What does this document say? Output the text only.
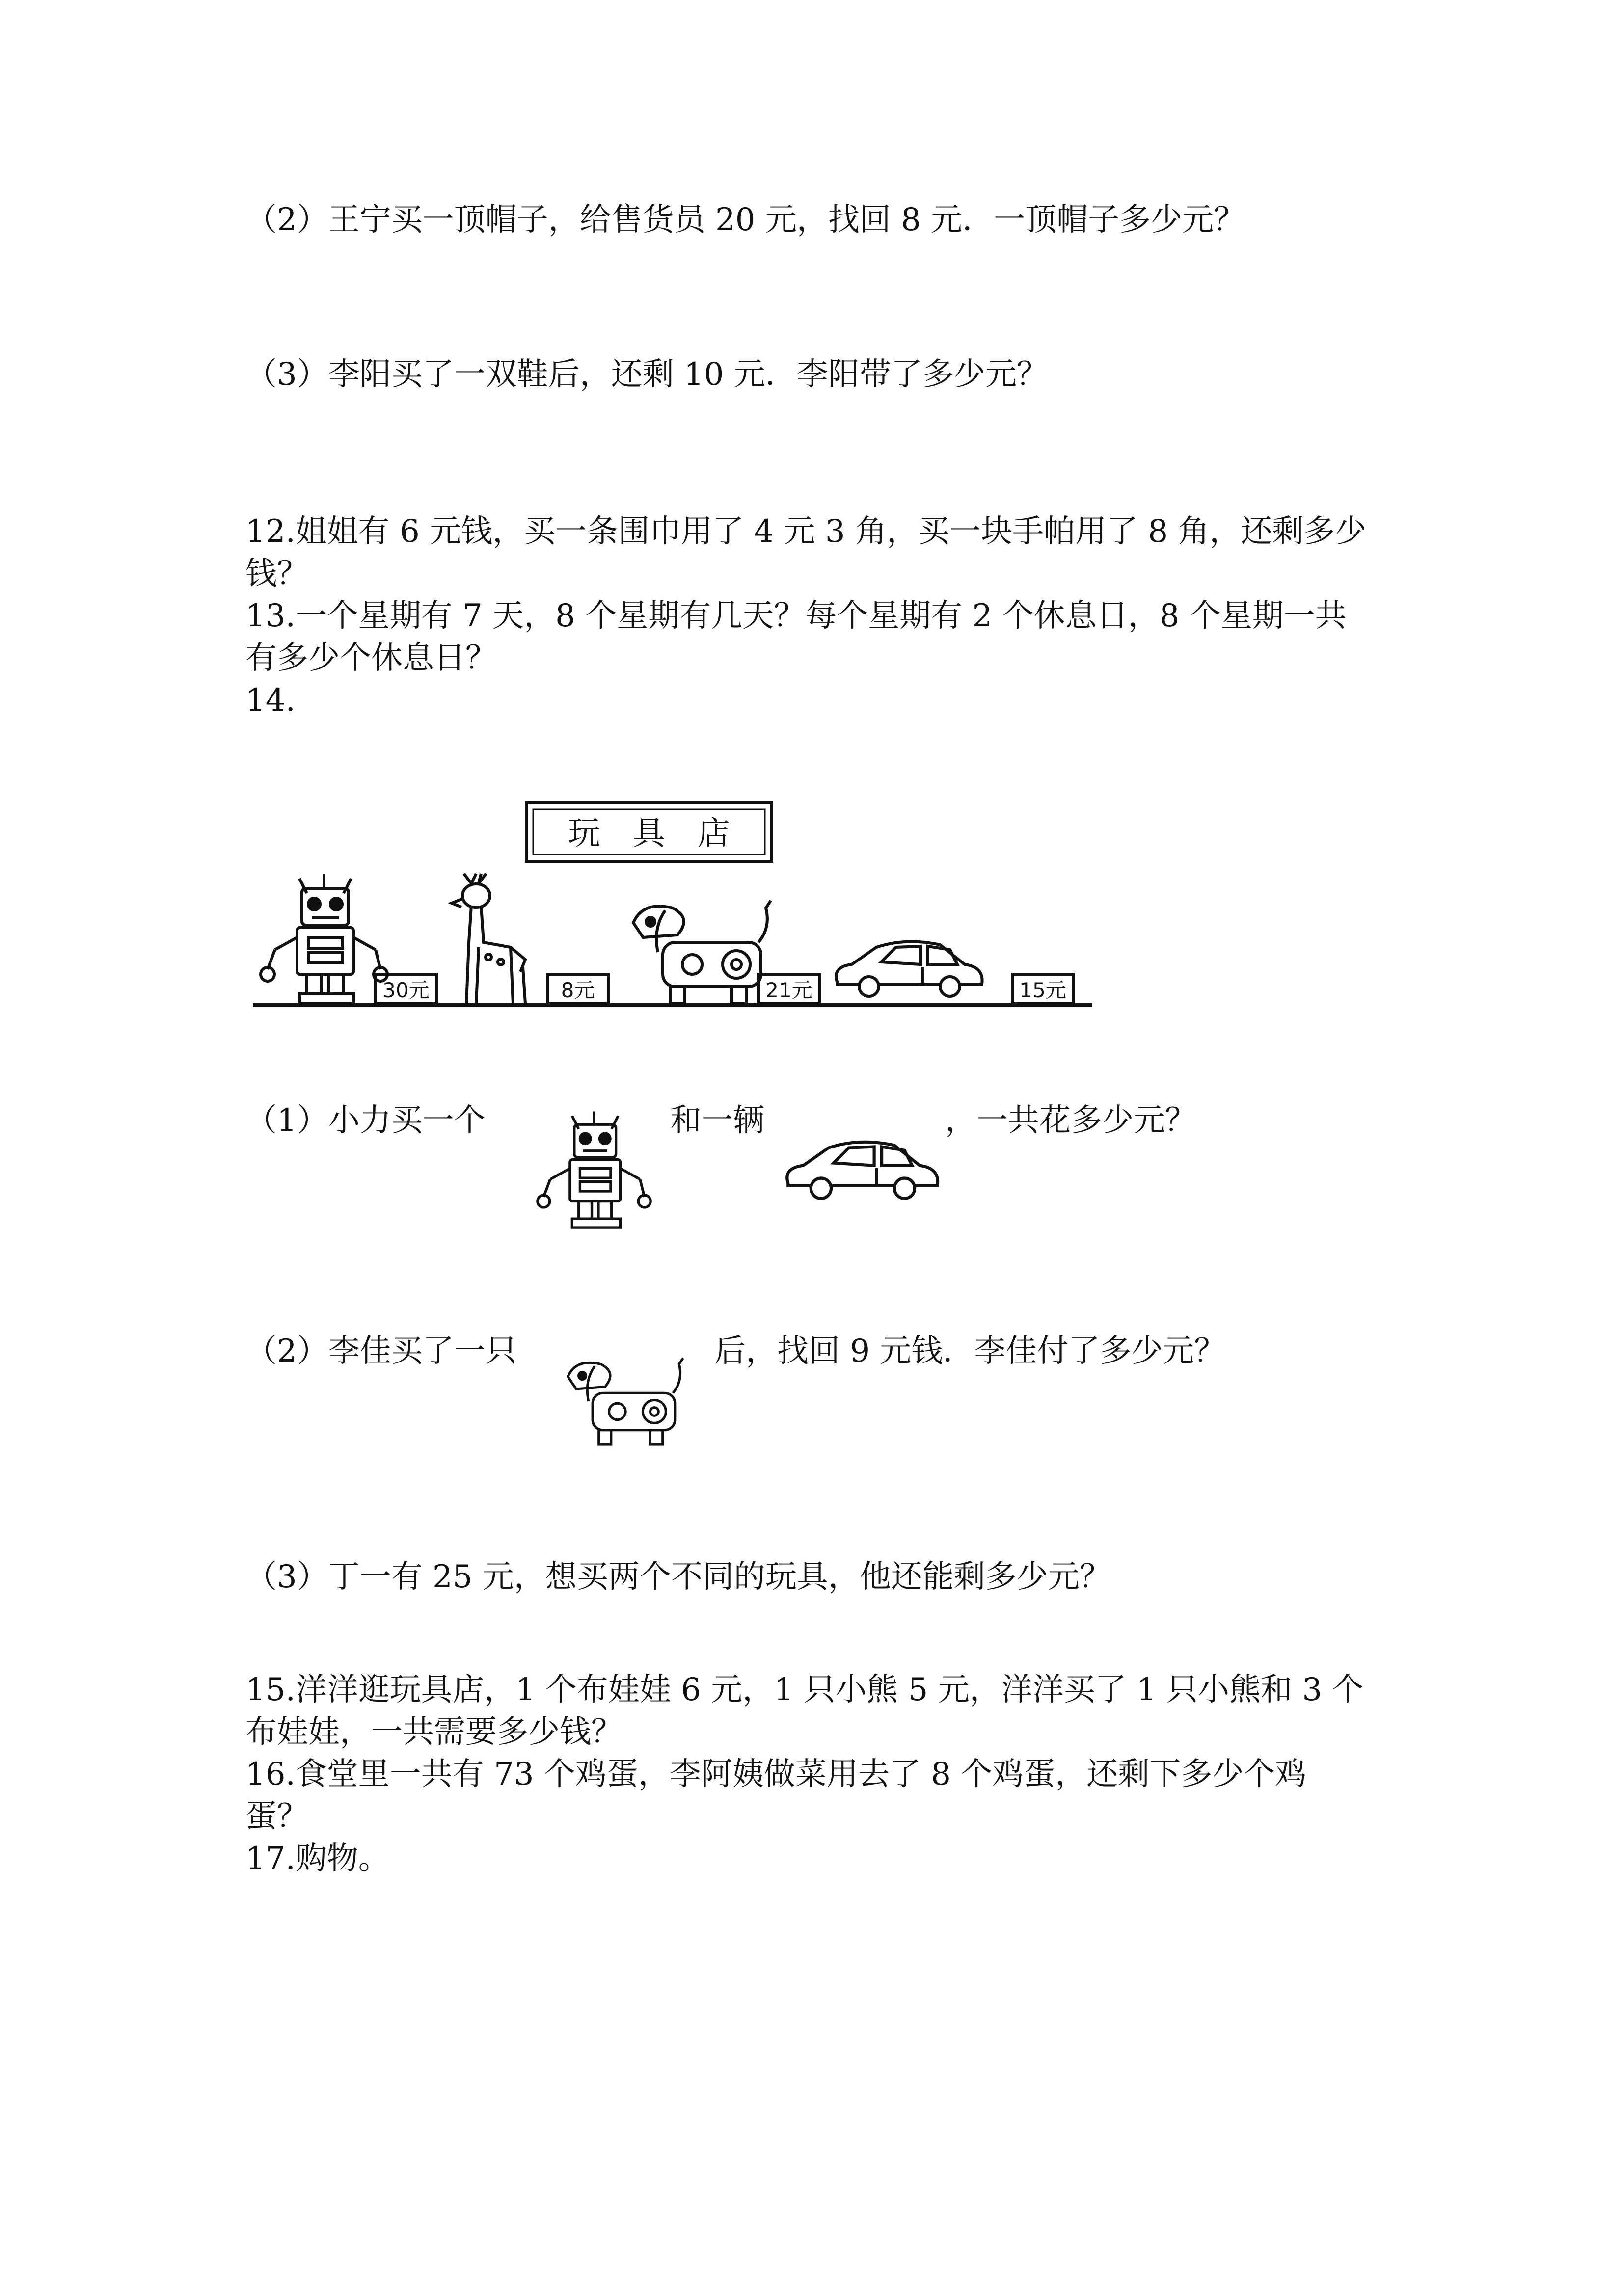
（2）王宁买一顶帽子，给售货员 20 元，找回 8 元．一顶帽子多少元？

（3）李阳买了一双鞋后，还剩 10 元．李阳带了多少元？

12.姐姐有 6 元钱，买一条围巾用了 4 元 3 角，买一块手帕用了 8 角，还剩多少

钱？

13.一个星期有 7 天，8 个星期有几天？每个星期有 2 个休息日，8 个星期一共

有多少个休息日？

14.

玩　具　店
30元	8元	21元	15元

（1）小力买一个	和一辆	，一共花多少元？

（2）李佳买了一只	后，找回 9 元钱．李佳付了多少元？

（3）丁一有 25 元，想买两个不同的玩具，他还能剩多少元？

15.洋洋逛玩具店，1 个布娃娃 6 元，1 只小熊 5 元，洋洋买了 1 只小熊和 3 个

布娃娃，一共需要多少钱？

16.食堂里一共有 73 个鸡蛋，李阿姨做菜用去了 8 个鸡蛋，还剩下多少个鸡

蛋？

17.购物。
